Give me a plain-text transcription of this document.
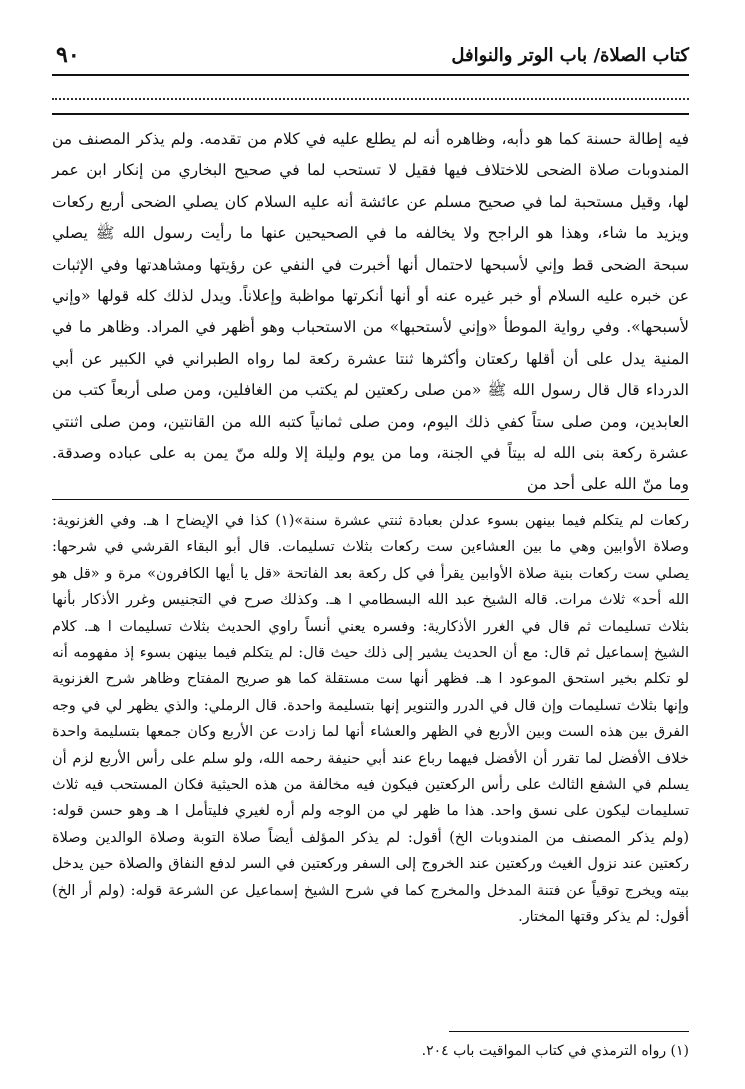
كتاب الصلاة/ باب الوتر والنوافل
٩٠

فيه إطالة حسنة كما هو دأبه، وظاهره أنه لم يطلع عليه في كلام من تقدمه. ولم يذكر المصنف من المندوبات صلاة الضحى للاختلاف فيها فقيل لا تستحب لما في صحيح البخاري من إنكار ابن عمر لها، وقيل مستحبة لما في صحيح مسلم عن عائشة أنه عليه السلام كان يصلي الضحى أربع ركعات ويزيد ما شاء، وهذا هو الراجح ولا يخالفه ما في الصحيحين عنها ما رأيت رسول الله ﷺ يصلي سبحة الضحى قط وإني لأسبحها لاحتمال أنها أخبرت في النفي عن رؤيتها ومشاهدتها وفي الإثبات عن خبره عليه السلام أو خبر غيره عنه أو أنها أنكرتها مواظبة وإعلاناً. ويدل لذلك كله قولها «وإني لأسبحها». وفي رواية الموطأ «وإني لأستحبها» من الاستحباب وهو أظهر في المراد. وظاهر ما في المنية يدل على أن أقلها ركعتان وأكثرها ثنتا عشرة ركعة لما رواه الطبراني في الكبير عن أبي الدرداء قال قال رسول الله ﷺ «من صلى ركعتين لم يكتب من الغافلين، ومن صلى أربعاً كتب من العابدين، ومن صلى ستاً كفي ذلك اليوم، ومن صلى ثمانياً كتبه الله من القانتين، ومن صلى اثنتي عشرة ركعة بنى الله له بيتاً في الجنة، وما من يوم وليلة إلا ولله منّ يمن به على عباده وصدقة. وما منّ الله على أحد من

ركعات لم يتكلم فيما بينهن بسوء عدلن بعبادة ثنتي عشرة سنة»(١) كذا في الإيضاح ا هـ. وفي الغزنوية: وصلاة الأوابين وهي ما بين العشاءين ست ركعات بثلاث تسليمات. قال أبو البقاء القرشي في شرحها: يصلي ست ركعات بنية صلاة الأوابين يقرأ في كل ركعة بعد الفاتحة «قل يا أيها الكافرون» مرة و «قل هو الله أحد» ثلاث مرات. قاله الشيخ عبد الله البسطامي ا هـ. وكذلك صرح في التجنيس وغرر الأذكار بأنها بثلاث تسليمات ثم قال في الغرر الأذكارية: وفسره يعني أنساً راوي الحديث بثلاث تسليمات ا هـ. كلام الشيخ إسماعيل ثم قال: مع أن الحديث يشير إلى ذلك حيث قال: لم يتكلم فيما بينهن بسوء إذ مفهومه أنه لو تكلم بخير استحق الموعود ا هـ. فظهر أنها ست مستقلة كما هو صريح المفتاح وظاهر شرح الغزنوية وإنها بثلاث تسليمات وإن قال في الدرر والتنوير إنها بتسليمة واحدة. قال الرملي: والذي يظهر لي في وجه الفرق بين هذه الست وبين الأربع في الظهر والعشاء أنها لما زادت عن الأربع وكان جمعها بتسليمة واحدة خلاف الأفضل لما تقرر أن الأفضل فيهما رباع عند أبي حنيفة رحمه الله، ولو سلم على رأس الأربع لزم أن يسلم في الشفع الثالث على رأس الركعتين فيكون فيه مخالفة من هذه الحيثية فكان المستحب فيه ثلاث تسليمات ليكون على نسق واحد. هذا ما ظهر لي من الوجه ولم أره لغيري فليتأمل ا هـ وهو حسن قوله: (ولم يذكر المصنف من المندوبات الخ) أقول: لم يذكر المؤلف أيضاً صلاة التوبة وصلاة الوالدين وصلاة ركعتين عند نزول الغيث وركعتين عند الخروج إلى السفر وركعتين في السر لدفع النفاق والصلاة حين يدخل بيته ويخرج توقياً عن فتنة المدخل والمخرج كما في شرح الشيخ إسماعيل عن الشرعة قوله: (ولم أر الخ) أقول: لم يذكر وقتها المختار.

(١) رواه الترمذي في كتاب المواقيت باب ٢٠٤.
